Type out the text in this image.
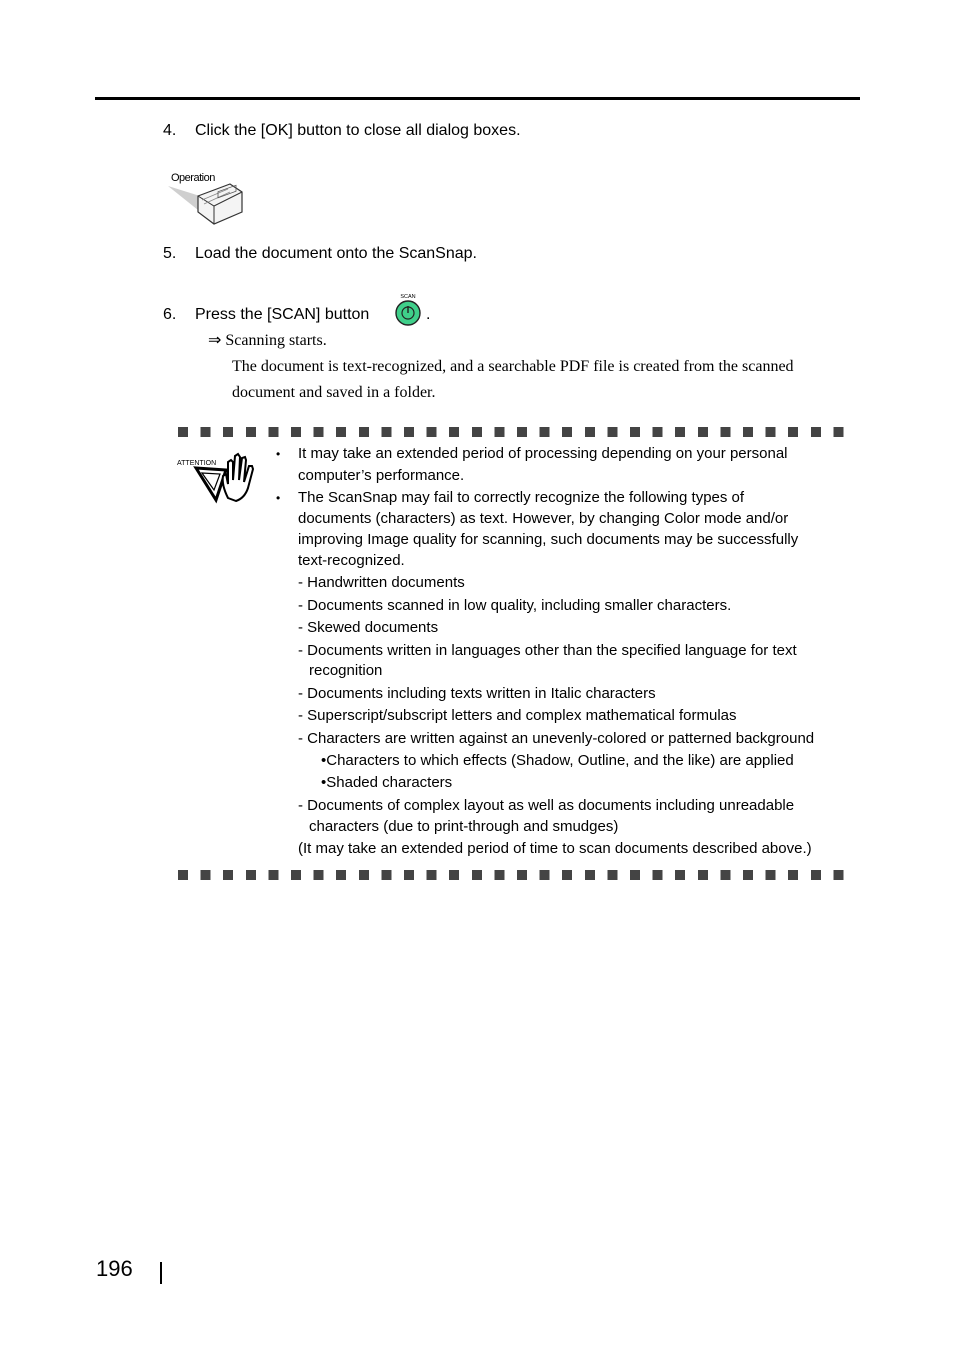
4. Click the [OK] button to close all dialog boxes.
Operation
5. Load the document onto the ScanSnap.
6. Press the [SCAN] button
SCAN
.
⇒ Scanning starts.
The document is text-recognized, and a searchable PDF file is created from the scanned
document and saved in a folder.
ATTENTION
• It may take an extended period of processing depending on your personal
computer’s performance.
• The ScanSnap may fail to correctly recognize the following types of
documents (characters) as text. However, by changing Color mode and/or
improving Image quality for scanning, such documents may be successfully
text-recognized.
- Handwritten documents
- Documents scanned in low quality, including smaller characters.
- Skewed documents
- Documents written in languages other than the specified language for text
recognition
- Documents including texts written in Italic characters
- Superscript/subscript letters and complex mathematical formulas
- Characters are written against an unevenly-colored or patterned background
•Characters to which effects (Shadow, Outline, and the like) are applied
•Shaded characters
- Documents of complex layout as well as documents including unreadable
characters (due to print-through and smudges)
(It may take an extended period of time to scan documents described above.)
196
